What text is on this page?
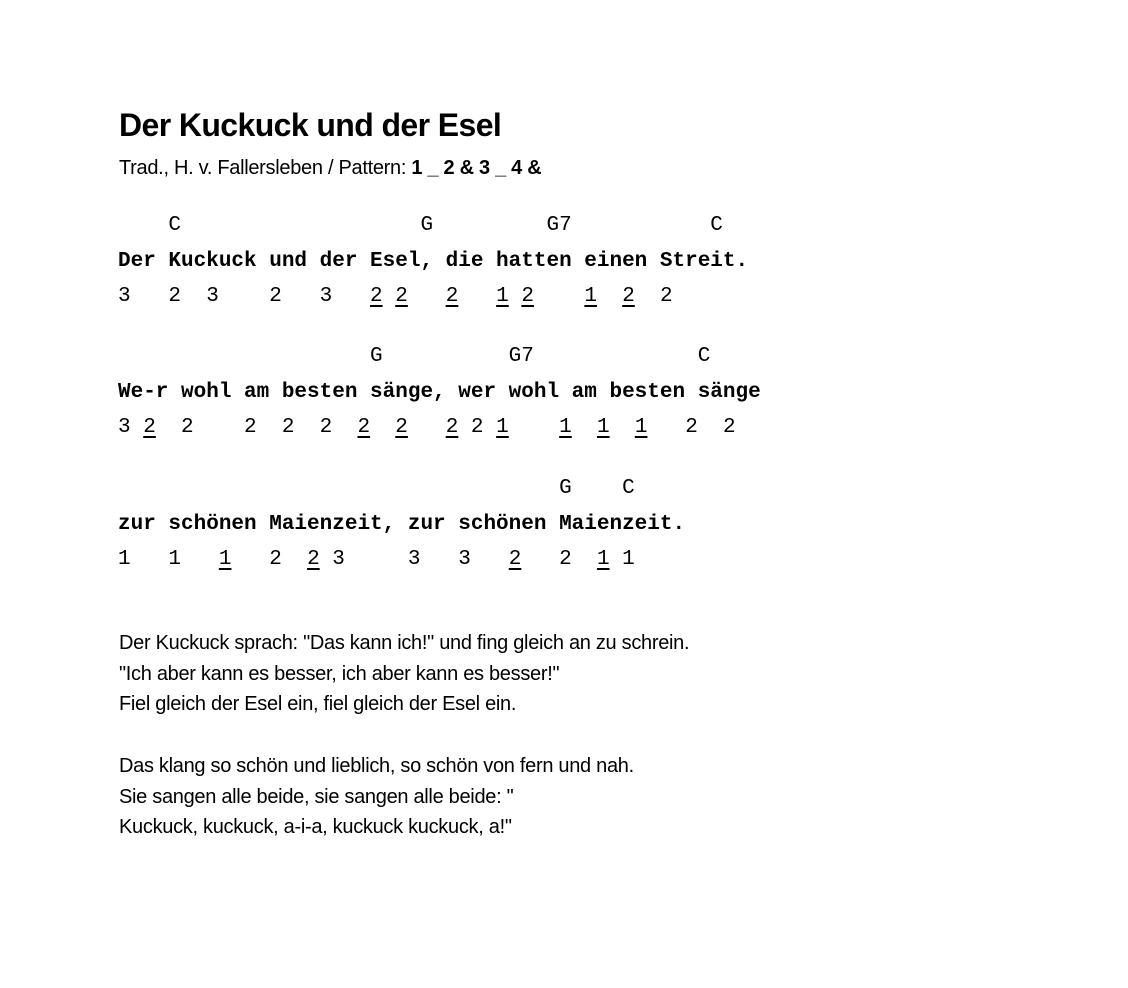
Der Kuckuck und der Esel
Trad., H. v. Fallersleben / Pattern: 1 _ 2 & 3 _ 4 &
C                   G         G7           C
Der Kuckuck und der Esel, die hatten einen Streit.
3   2  3    2   3   2 2 2 1 2 1 2  2
G          G7             C
We-r wohl am besten sänge, wer wohl am besten sänge
3 2  2    2  2  2  2 2 2 2 1 1 1 1   2  2
G    C
zur schönen Maienzeit, zur schönen Maienzeit.
1   1   1   2  2 3     3   3   2   2  1 1

Der Kuckuck sprach: "Das kann ich!" und fing gleich an zu schrein.

"Ich aber kann es besser, ich aber kann es besser!"

Fiel gleich der Esel ein, fiel gleich der Esel ein.

Das klang so schön und lieblich, so schön von fern und nah.

Sie sangen alle beide, sie sangen alle beide: "

Kuckuck, kuckuck, a-i-a, kuckuck kuckuck, a!"
